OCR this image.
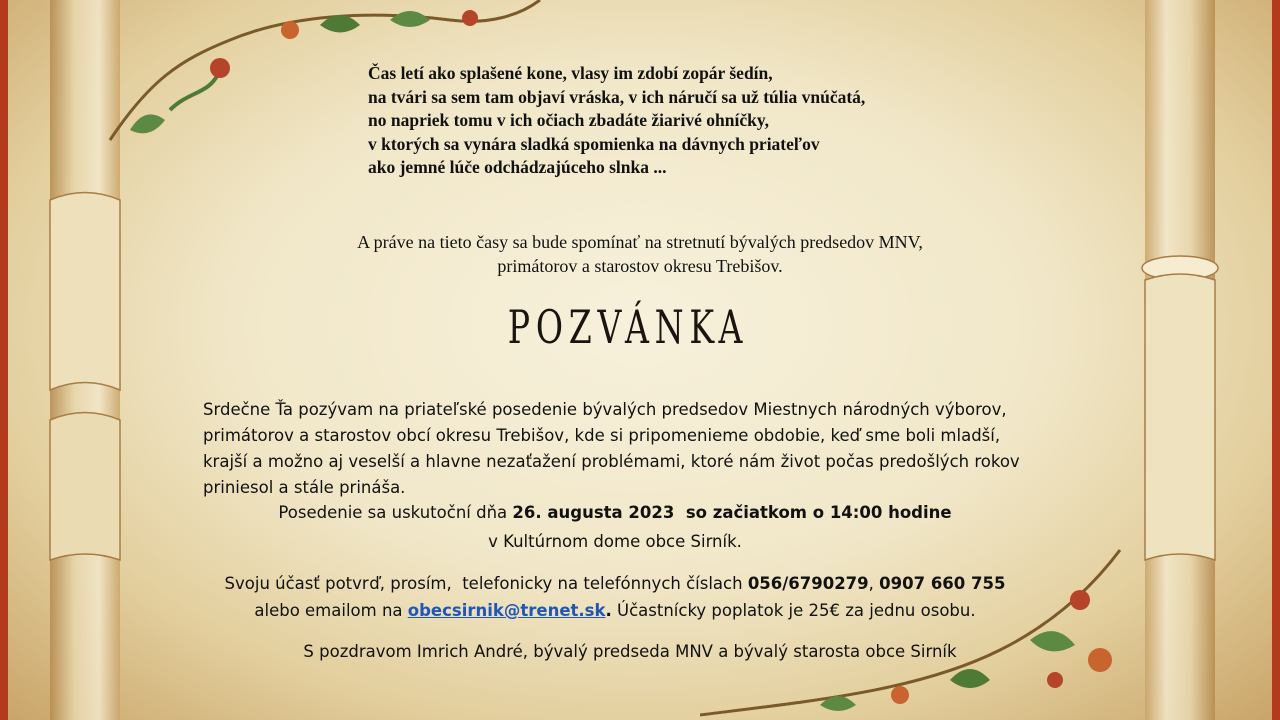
Čas letí ako splašené kone, vlasy im zdobí zopár šedín,
na tvári sa sem tam objaví vráska, v ich náručí sa už túlia vnúčatá,
no napriek tomu v ich očiach zbadáte žiarivé ohníčky,
v ktorých sa vynára sladká spomienka na dávnych priateľov
ako jemné lúče odchádzajúceho slnka ...
A práve na tieto časy sa bude spomínať na stretnutí bývalých predsedov MNV,
primátorov a starostov okresu Trebišov.
POZVÁNKA
Srdečne Ťa pozývam na priateľské posedenie bývalých predsedov Miestnych národných výborov,
primátorov a starostov obcí okresu Trebišov, kde si pripomenieme obdobie, keď sme boli mladší,
krajší a možno aj veselší a hlavne nezaťažení problémami, ktoré nám život počas predošlých rokov
priniesol a stále prináša.
Posedenie sa uskutoční dňa 26. augusta 2023  so začiatkom o 14:00 hodine
v Kultúrnom dome obce Sirník.
Svoju účasť potvrď, prosím,  telefonicky na telefónnych číslach 056/6790279, 0907 660 755
alebo emailom na obecsirnik@trenet.sk. Účastnícky poplatok je 25€ za jednu osobu.
S pozdravom Imrich André, bývalý predseda MNV a bývalý starosta obce Sirník
